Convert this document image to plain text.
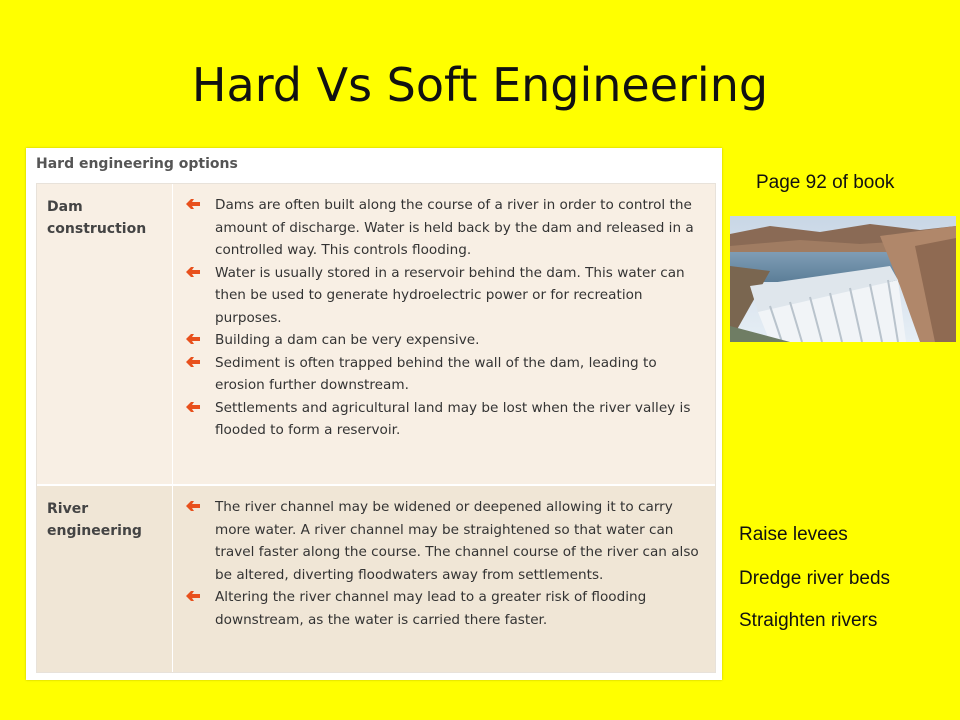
Hard Vs Soft Engineering
Hard engineering options
Dam construction
Dams are often built along the course of a river in order to control the amount of discharge. Water is held back by the dam and released in a controlled way. This controls flooding.
Water is usually stored in a reservoir behind the dam. This water can then be used to generate hydroelectric power or for recreation purposes.
Building a dam can be very expensive.
Sediment is often trapped behind the wall of the dam, leading to erosion further downstream.
Settlements and agricultural land may be lost when the river valley is flooded to form a reservoir.
River engineering
The river channel may be widened or deepened allowing it to carry more water. A river channel may be straightened so that water can travel faster along the course. The channel course of the river can also be altered, diverting floodwaters away from settlements.
Altering the river channel may lead to a greater risk of flooding downstream, as the water is carried there faster.
Page 92 of book
Raise levees
Dredge river beds
Straighten rivers
